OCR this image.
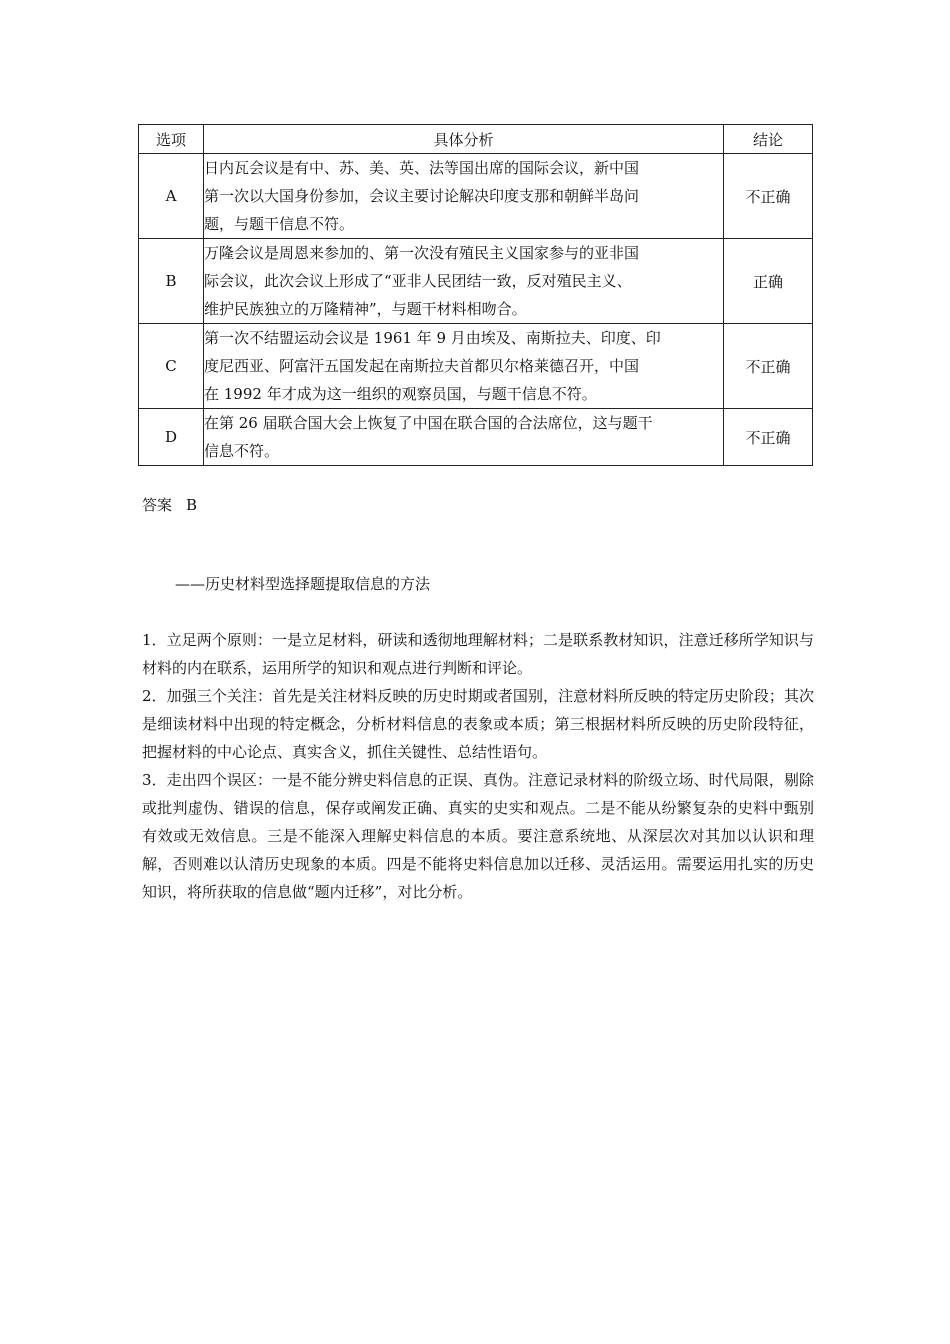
选项	具体分析	结论
A	日内瓦会议是有中、苏、美、英、法等国出席的国际会议，新中国
第一次以大国身份参加，会议主要讨论解决印度支那和朝鲜半岛问
题，与题干信息不符。	不正确
B	万隆会议是周恩来参加的、第一次没有殖民主义国家参与的亚非国
际会议，此次会议上形成了“亚非人民团结一致，反对殖民主义、
维护民族独立的万隆精神”，与题干材料相吻合。	正确
C	第一次不结盟运动会议是 1961 年 9 月由埃及、南斯拉夫、印度、印
度尼西亚、阿富汗五国发起在南斯拉夫首都贝尔格莱德召开，中国
在 1992 年才成为这一组织的观察员国，与题干信息不符。	不正确
D	在第 26 届联合国大会上恢复了中国在联合国的合法席位，这与题干
信息不符。	不正确
答案 B
——历史材料型选择题提取信息的方法

1．立足两个原则：一是立足材料，研读和透彻地理解材料；二是联系教材知识，注意迁移所学知识与材料的内在联系，运用所学的知识和观点进行判断和评论。

2．加强三个关注：首先是关注材料反映的历史时期或者国别，注意材料所反映的特定历史阶段；其次是细读材料中出现的特定概念，分析材料信息的表象或本质；第三根据材料所反映的历史阶段特征，把握材料的中心论点、真实含义，抓住关键性、总结性语句。

3．走出四个误区：一是不能分辨史料信息的正误、真伪。注意记录材料的阶级立场、时代局限，剔除或批判虚伪、错误的信息，保存或阐发正确、真实的史实和观点。二是不能从纷繁复杂的史料中甄别有效或无效信息。三是不能深入理解史料信息的本质。要注意系统地、从深层次对其加以认识和理解，否则难以认清历史现象的本质。四是不能将史料信息加以迁移、灵活运用。需要运用扎实的历史知识，将所获取的信息做“题内迁移”，对比分析。
